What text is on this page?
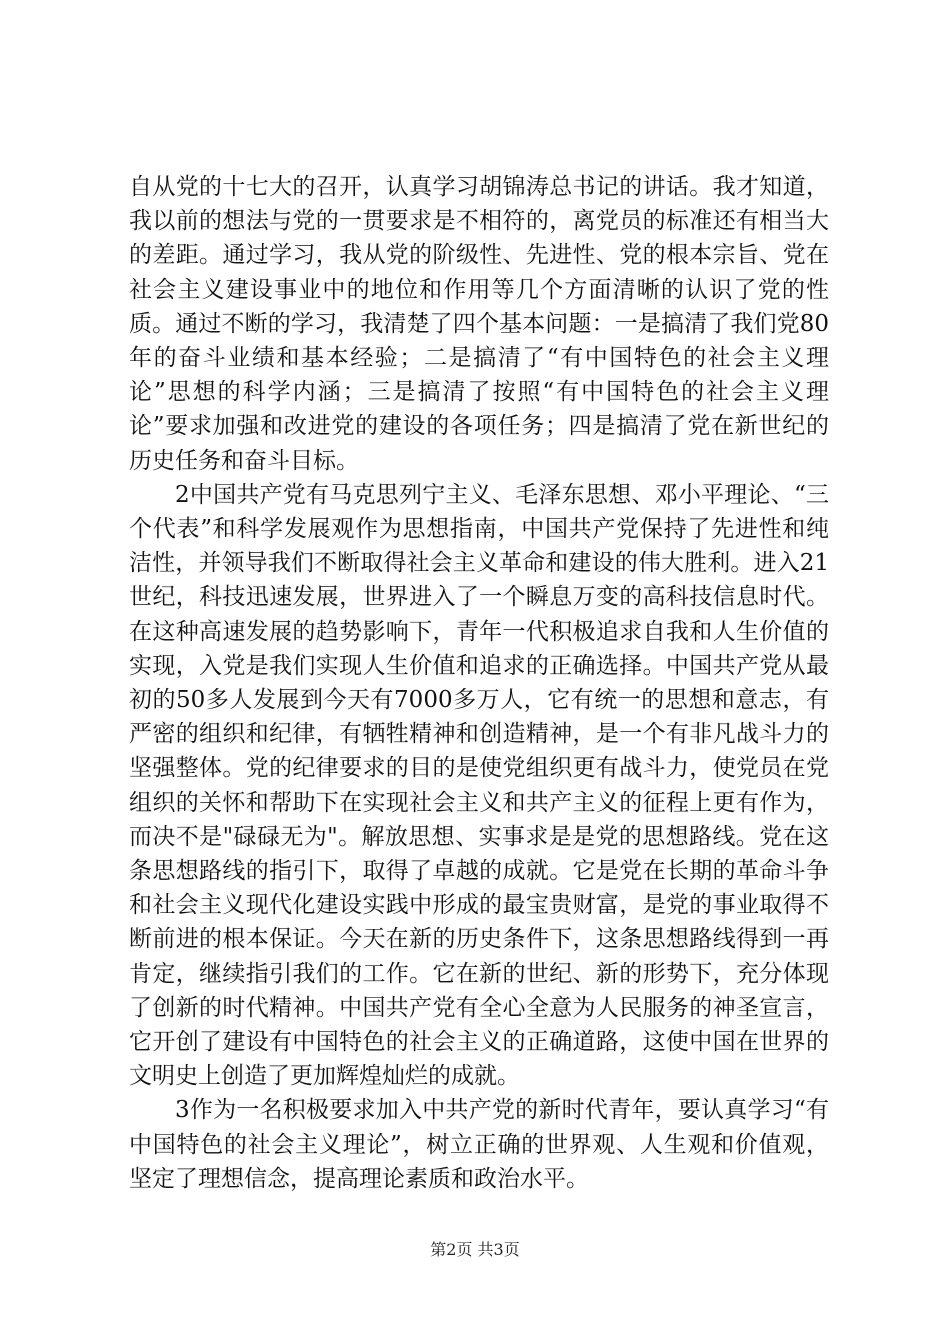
自从党的十七大的召开，认真学习胡锦涛总书记的讲话。我才知道，我以前的想法与党的一贯要求是不相符的，离党员的标准还有相当大的差距。通过学习，我从党的阶级性、先进性、党的根本宗旨、党在社会主义建设事业中的地位和作用等几个方面清晰的认识了党的性质。通过不断的学习，我清楚了四个基本问题：一是搞清了我们党80年的奋斗业绩和基本经验；二是搞清了“有中国特色的社会主义理论”思想的科学内涵；三是搞清了按照“有中国特色的社会主义理论”要求加强和改进党的建设的各项任务；四是搞清了党在新世纪的历史任务和奋斗目标。

2中国共产党有马克思列宁主义、毛泽东思想、邓小平理论、“三个代表”和科学发展观作为思想指南，中国共产党保持了先进性和纯洁性，并领导我们不断取得社会主义革命和建设的伟大胜利。进入21世纪，科技迅速发展，世界进入了一个瞬息万变的高科技信息时代。在这种高速发展的趋势影响下，青年一代积极追求自我和人生价值的实现，入党是我们实现人生价值和追求的正确选择。中国共产党从最初的50多人发展到今天有7000多万人，它有统一的思想和意志，有严密的组织和纪律，有牺牲精神和创造精神，是一个有非凡战斗力的坚强整体。党的纪律要求的目的是使党组织更有战斗力，使党员在党组织的关怀和帮助下在实现社会主义和共产主义的征程上更有作为，而决不是"碌碌无为"。解放思想、实事求是是党的思想路线。党在这条思想路线的指引下，取得了卓越的成就。它是党在长期的革命斗争和社会主义现代化建设实践中形成的最宝贵财富，是党的事业取得不断前进的根本保证。今天在新的历史条件下，这条思想路线得到一再肯定，继续指引我们的工作。它在新的世纪、新的形势下，充分体现了创新的时代精神。中国共产党有全心全意为人民服务的神圣宣言，它开创了建设有中国特色的社会主义的正确道路，这使中国在世界的文明史上创造了更加辉煌灿烂的成就。

3作为一名积极要求加入中共产党的新时代青年，要认真学习“有中国特色的社会主义理论”，树立正确的世界观、人生观和价值观，坚定了理想信念，提高理论素质和政治水平。

第2页 共3页
